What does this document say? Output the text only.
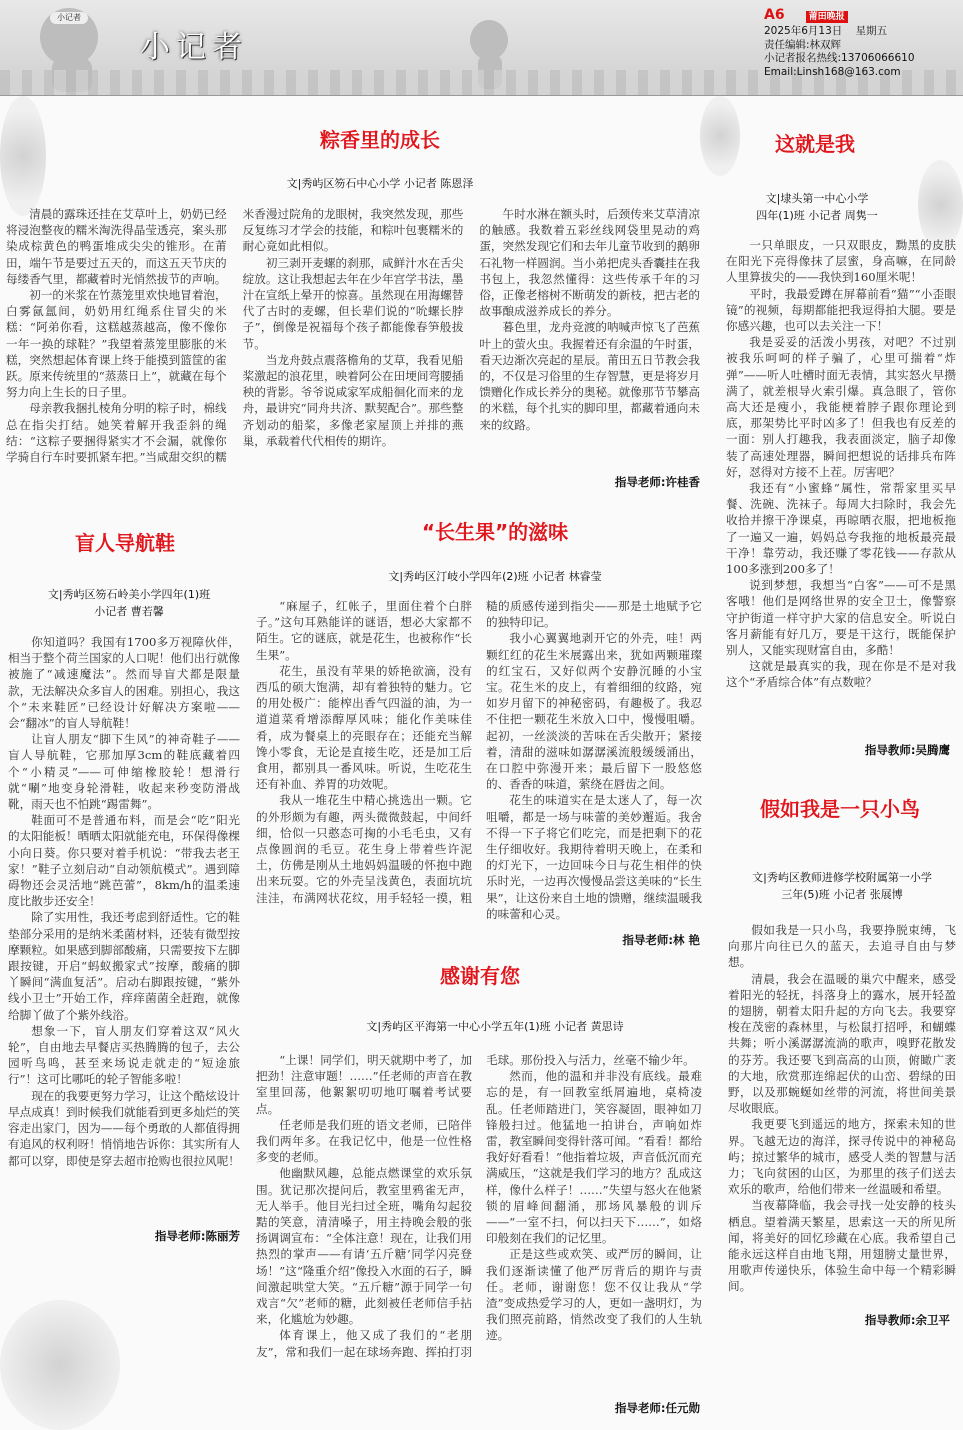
小记者
小记者
A6	莆田晚报
2025年6月13日 星期五
责任编辑:林双辉
小记者报名热线:13706066610
Email:Linsh168@163.com
粽香里的成长
文|秀屿区笏石中心小学 小记者 陈恩泽

清晨的露珠还挂在艾草叶上，奶奶已经将浸泡整夜的糯米淘洗得晶莹透亮，案头那染成棕黄色的鸭蛋堆成尖尖的锥形。在莆田，端午节是要过五天的，而这五天节庆的每缕香气里，都藏着时光悄然拔节的声响。

初一的米浆在竹蒸笼里欢快地冒着泡，白雾氤氲间，奶奶用红绳系住冒尖的米糕：“阿弟你看，这糕越蒸越高，像不像你一年一换的球鞋？”我望着蒸笼里膨胀的米糕，突然想起体育课上终于能摸到篮筐的雀跃。原来传统里的“蒸蒸日上”，就藏在每个努力向上生长的日子里。

母亲教我捆扎棱角分明的粽子时，棉线总在指尖打结。她笑着解开我歪斜的绳结：“这粽子要捆得紧实才不会漏，就像你学骑自行车时要抓紧车把。”当咸甜交织的糯米香漫过院角的龙眼树，我突然发现，那些反复练习才学会的技能，和粽叶包裹糯米的耐心竟如此相似。

初三剥开麦螺的刹那，咸鲜汁水在舌尖绽放。这让我想起去年在少年宫学书法，墨汁在宣纸上晕开的惊喜。虽然现在用海螺替代了古时的麦螺，但长辈们说的“吮螺长脖子”，倒像是祝福每个孩子都能像春笋般拔节。

当龙舟鼓点震落檐角的艾草，我看见船桨激起的浪花里，映着阿公在田埂间弯腰插秧的背影。爷爷说咸家军成船徊化而来的龙舟，最讲究“同舟共济、默契配合”。那些整齐划动的船桨，多像老家屋顶上并排的燕巢，承载着代代相传的期许。

午时水淋在额头时，后颈传来艾草清凉的触感。我数着五彩丝线网袋里晃动的鸡蛋，突然发现它们和去年儿童节收到的鹅卵石礼物一样圆润。当小弟把虎头香囊挂在我书包上，我忽然懂得：这些传承千年的习俗，正像老榕树不断萌发的新枝，把古老的故事酿成滋养成长的养分。

暮色里，龙舟竞渡的呐喊声惊飞了芭蕉叶上的萤火虫。我握着还有余温的午时蛋，看天边渐次亮起的星辰。莆田五日节教会我的，不仅是习俗里的生存智慧，更是将岁月馈赠化作成长养分的奥秘。就像那节节攀高的米糕，每个扎实的脚印里，都藏着通向未来的纹路。

指导老师:许桂香
这就是我
文|埭头第一中心小学
四年(1)班 小记者 周隽一

一只单眼皮，一只双眼皮，黝黑的皮肤在阳光下亮得像抹了层蜜，身高嘛，在同龄人里算拔尖的——我快到160厘米呢！

平时，我最爱蹲在屏幕前看“猫”“小歪眼镜”的视频，每期都能把我逗得拍大腿。要是你感兴趣，也可以去关注一下！

我是妥妥的活泼小男孩，对吧？不过别被我乐呵呵的样子骗了，心里可揣着“炸弹”——听人吐槽时面无表情，其实怒火早攒满了，就差根导火索引爆。真急眼了，管你高大还是瘦小，我能梗着脖子跟你理论到底，那架势比平时凶多了！但我也有反差的一面：别人打趣我，我表面淡定，脑子却像装了高速处理器，瞬间把想说的话排兵布阵好，怼得对方接不上茬。厉害吧？

我还有“小蜜蜂”属性，常帮家里买早餐、洗碗、洗袜子。每周大扫除时，我会先收拾并擦干净课桌，再晾晒衣服，把地板拖了一遍又一遍，妈妈总夸我拖的地板最亮最干净！靠劳动，我还赚了零花钱——存款从100多涨到200多了！

说到梦想，我想当“白客”——可不是黑客哦！他们是网络世界的安全卫士，像警察守护街道一样守护大家的信息安全。听说白客月薪能有好几万，要是干这行，既能保护别人，又能实现财富自由，多酷！

这就是最真实的我，现在你是不是对我这个“矛盾综合体”有点数啦？

指导教师:吴腾鹰
盲人导航鞋
文|秀屿区笏石岭美小学四年(1)班
小记者 曹若馨

你知道吗？我国有1700多万视障伙伴，相当于整个荷兰国家的人口呢！他们出行就像被施了“减速魔法”。然而导盲犬都是限量款，无法解决众多盲人的困难。别担心，我这个“未来鞋匠”已经设计好解决方案啦——会“翻冰”的盲人导航鞋！

让盲人朋友“脚下生风”的神奇鞋子——盲人导航鞋，它那加厚3cm的鞋底藏着四个“小精灵”——可伸缩橡胶轮！想滑行就“唰”地变身轮滑鞋，收起来秒变防滑战靴，雨天也不怕跳“踢雷舞”。

鞋面可不是普通布料，而是会“吃”阳光的太阳能板！晒晒太阳就能充电，环保得像棵小向日葵。你只要对着手机说：“带我去老王家！”鞋子立刻启动“自动领航模式”。遇到障碍物还会灵活地“跳芭蕾”，8km/h的温柔速度比散步还安全！

除了实用性，我还考虑到舒适性。它的鞋垫部分采用的是纳米柔菌材料，还装有微型按摩颗粒。如果感到脚部酸痛，只需要按下左脚跟按键，开启“蚂蚁搬家式”按摩，酸痛的脚丫瞬间“满血复活”。启动右脚跟按键，“紫外线小卫士”开始工作，痒痒菌菌全赶跑，就像给脚丫做了个紫外线浴。

想象一下，盲人朋友们穿着这双“风火轮”，自由地去早餐店买热腾腾的包子，去公园听鸟鸣，甚至来场说走就走的“短途旅行”！这可比哪吒的轮子智能多啦！

现在的我要更努力学习，让这个酷炫设计早点成真！到时候我们就能看到更多灿烂的笑容走出家门，因为——每个勇敢的人都值得拥有追风的权利呀！悄悄地告诉你：其实所有人都可以穿，即使是穿去超市抢购也很拉风呢！

指导老师:陈丽芳
“长生果”的滋味
文|秀屿区汀岐小学四年(2)班 小记者 林睿莹

“麻屋子，红帐子，里面住着个白胖子。”这句耳熟能详的谜语，想必大家都不陌生。它的谜底，就是花生，也被称作“长生果”。

花生，虽没有苹果的娇艳欲滴，没有西瓜的硕大饱满，却有着独特的魅力。它的用处极广：能榨出香气四溢的油，为一道道菜肴增添醇厚风味；能化作美味佳肴，成为餐桌上的亮眼存在；还能充当解馋小零食，无论是直接生吃，还是加工后食用，都别具一番风味。听说，生吃花生还有补血、养胃的功效呢。

我从一堆花生中精心挑选出一颗。它的外形颇为有趣，两头微微鼓起，中间纤细，恰似一只憨态可掬的小毛毛虫，又有点像圆润的毛豆。花生身上带着些许泥土，仿佛是刚从土地妈妈温暖的怀抱中跑出来玩耍。它的外壳呈浅黄色，表面坑坑洼洼，布满网状花纹，用手轻轻一摸，粗糙的质感传递到指尖——那是土地赋予它的独特印记。

我小心翼翼地剥开它的外壳，哇！两颗红红的花生米展露出来，犹如两颗璀璨的红宝石，又好似两个安静沉睡的小宝宝。花生米的皮上，有着细细的纹路，宛如岁月留下的神秘密码，有趣极了。我忍不住把一颗花生米放入口中，慢慢咀嚼。起初，一丝淡淡的苦味在舌尖散开；紧接着，清甜的滋味如潺潺溪流般缓缓涌出，在口腔中弥漫开来；最后留下一股悠悠的、香香的味道，萦绕在唇齿之间。

花生的味道实在是太迷人了，每一次咀嚼，都是一场与味蕾的美妙邂逅。我舍不得一下子将它们吃完，而是把剩下的花生仔细收好。我期待着明天晚上，在柔和的灯光下，一边回味今日与花生相伴的快乐时光，一边再次慢慢品尝这美味的“长生果”，让这份来自土地的馈赠，继续温暖我的味蕾和心灵。

指导老师:林 艳
假如我是一只小鸟
文|秀屿区教师进修学校附属第一小学
三年(5)班 小记者 张展博

假如我是一只小鸟，我要挣脱束缚，飞向那片向往已久的蓝天，去追寻自由与梦想。

清晨，我会在温暖的巢穴中醒来，感受着阳光的轻抚，抖落身上的露水，展开轻盈的翅膀，朝着太阳升起的方向飞去。我要穿梭在茂密的森林里，与松鼠打招呼，和蝴蝶共舞；听小溪潺潺流淌的歌声，嗅野花散发的芬芳。我还要飞到高高的山顶，俯瞰广袤的大地，欣赏那连绵起伏的山峦、碧绿的田野，以及那蜿蜒如丝带的河流，将世间美景尽收眼底。

我更要飞到遥远的地方，探索未知的世界。飞越无边的海洋，探寻传说中的神秘岛屿；掠过繁华的城市，感受人类的智慧与活力；飞向贫困的山区，为那里的孩子们送去欢乐的歌声，给他们带来一丝温暖和希望。

当夜幕降临，我会寻找一处安静的枝头栖息。望着满天繁星，思索这一天的所见所闻，将美好的回忆珍藏在心底。我希望自己能永远这样自由地飞翔，用翅膀丈量世界，用歌声传递快乐，体验生命中每一个精彩瞬间。

指导教师:余卫平
感谢有您
文|秀屿区平海第一中心小学五年(1)班 小记者 黄思诗

“上课！同学们，明天就期中考了，加把劲！注意审题！……”任老师的声音在教室里回荡，他絮絮叨叨地叮嘱着考试要点。

任老师是我们班的语文老师，已陪伴我们两年多。在我记忆中，他是一位性格多变的老师。

他幽默风趣，总能点燃课堂的欢乐氛围。犹记那次提问后，教室里鸦雀无声，无人举手。他目光扫过全班，嘴角勾起狡黠的笑意，清清嗓子，用主持晚会般的张扬调调宣布：“全体注意！现在，让我们用热烈的掌声——有请‘五斤糖’同学闪亮登场！”这“隆重介绍”像投入水面的石子，瞬间激起哄堂大笑。“五斤糖”源于同学一句戏言“欠”老师的糖，此刻被任老师信手拈来，化尴尬为妙趣。

体育课上，他又成了我们的“老朋友”，常和我们一起在球场奔跑、挥拍打羽毛球。那份投入与活力，丝毫不输少年。

然而，他的温和并非没有底线。最难忘的是，有一回教室纸屑遍地，桌椅凌乱。任老师踏进门，笑容凝固，眼神如刀锋般扫过。他猛地一拍讲台，声响如炸雷，教室瞬间变得针落可闻。“看看！都给我好好看看！”他指着垃圾，声音低沉而充满威压，“这就是我们学习的地方？乱成这样，像什么样子！……”失望与怒火在他紧锁的眉峰间翻涌，那场风暴般的训斥——“一室不扫，何以扫天下……”，如烙印般刻在我们的记忆里。

正是这些或欢笑、或严厉的瞬间，让我们逐渐读懂了他严厉背后的期许与责任。老师，谢谢您！您不仅让我从“学渣”变成热爱学习的人，更如一盏明灯，为我们照亮前路，悄然改变了我们的人生轨迹。

指导老师:任元勋
